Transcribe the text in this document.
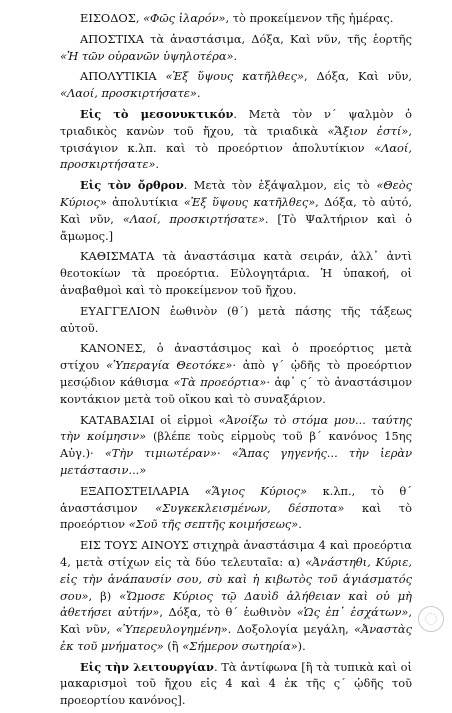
ΕΙΣΟΔΟΣ, «Φῶς ἱλαρόν», τὸ προκείμενον τῆς ἡμέρας.

ΑΠΟΣΤΙΧΑ τὰ ἀναστάσιμα, Δόξα, Καὶ νῦν, τῆς ἑορτῆς «Ἡ τῶν οὐρανῶν ὑψηλοτέρα».

ΑΠΟΛΥΤΙΚΙΑ «Ἐξ ὕψους κατῆλθες», Δόξα, Καὶ νῦν, «Λαοί, προσκιρτήσατε».

Εἰς τὸ μεσονυκτικόν. Μετὰ τὸν ν΄ ψαλμὸν ὁ τριαδικὸς κανὼν τοῦ ἤχου, τὰ τριαδικὰ «Ἄξιον ἐστί», τρισάγιον κ.λπ. καὶ τὸ προεόρτιον ἀπολυτίκιον «Λαοί, προσκιρτήσατε».

Εἰς τὸν ὄρθρον. Μετὰ τὸν ἑξάψαλμον, εἰς τὸ «Θεὸς Κύριος» ἀπολυτίκια «Ἐξ ὕψους κατῆλθες», Δόξα, τὸ αὐτό, Καὶ νῦν, «Λαοί, προσκιρτήσατε». [Τὸ Ψαλτήριον καὶ ὁ ἄμωμος.]

ΚΑΘΙΣΜΑΤΑ τὰ ἀναστάσιμα κατὰ σειράν, ἀλλ᾽ ἀντὶ θεοτοκίων τὰ προεόρτια. Εὐλογητάρια. Ἡ ὑπακοή, οἱ ἀναβαθμοὶ καὶ τὸ προκείμενον τοῦ ἤχου.

ΕΥΑΓΓΕΛΙΟΝ ἑωθινὸν (θ΄) μετὰ πάσης τῆς τάξεως αὐτοῦ.

ΚΑΝΟΝΕΣ, ὁ ἀναστάσιμος καὶ ὁ προεόρτιος μετὰ στίχου «Ὑπεραγία Θεοτόκε»· ἀπὸ γ΄ ᾠδῆς τὸ προεόρτιον μεσῴδιον κάθισμα «Τὰ προεόρτια»· ἀφ᾽ ς΄ τὸ ἀναστάσιμον κοντάκιον μετὰ τοῦ οἴκου καὶ τὸ συναξάριον.

ΚΑΤΑΒΑΣΙΑΙ οἱ εἱρμοὶ «Ἀνοίξω τὸ στόμα μου... ταύτης τὴν κοίμησιν» (βλέπε τοὺς εἱρμοὺς τοῦ β΄ κανόνος 15ης Αὐγ.)· «Τὴν τιμιωτέραν»· «Ἅπας γηγενής... τὴν ἱερὰν μετάστασιν...»

ΕΞΑΠΟΣΤΕΙΛΑΡΙΑ «Ἅγιος Κύριος» κ.λπ., τὸ θ΄ ἀναστάσιμον «Συγκεκλεισμένων, δέσποτα» καὶ τὸ προεόρτιον «Σοῦ τῆς σεπτῆς κοιμήσεως».

ΕΙΣ ΤΟΥΣ ΑΙΝΟΥΣ στιχηρὰ ἀναστάσιμα 4 καὶ προεόρτια 4, μετὰ στίχων εἰς τὰ δύο τελευταῖα: α) «Ἀνάστηθι, Κύριε, εἰς τὴν ἀνάπαυσίν σου, σὺ καὶ ἡ κιβωτὸς τοῦ ἁγιάσματός σου», β) «Ὤμοσε Κύριος τῷ Δαυὶδ ἀλήθειαν καὶ οὐ μὴ ἀθετήσει αὐτήν», Δόξα, τὸ θ΄ ἑωθινὸν «Ὡς ἐπ᾽ ἐσχάτων», Καὶ νῦν, «Ὑπερευλογημένη». Δοξολογία μεγάλη, «Ἀναστὰς ἐκ τοῦ μνήματος» (ἢ «Σήμερον σωτηρία»).

Εἰς τὴν λειτουργίαν. Τὰ ἀντίφωνα [ἢ τὰ τυπικὰ καὶ οἱ μακαρισμοὶ τοῦ ἤχου εἰς 4 καὶ 4 ἐκ τῆς ς΄ ᾠδῆς τοῦ προεορτίου κανόνος].
